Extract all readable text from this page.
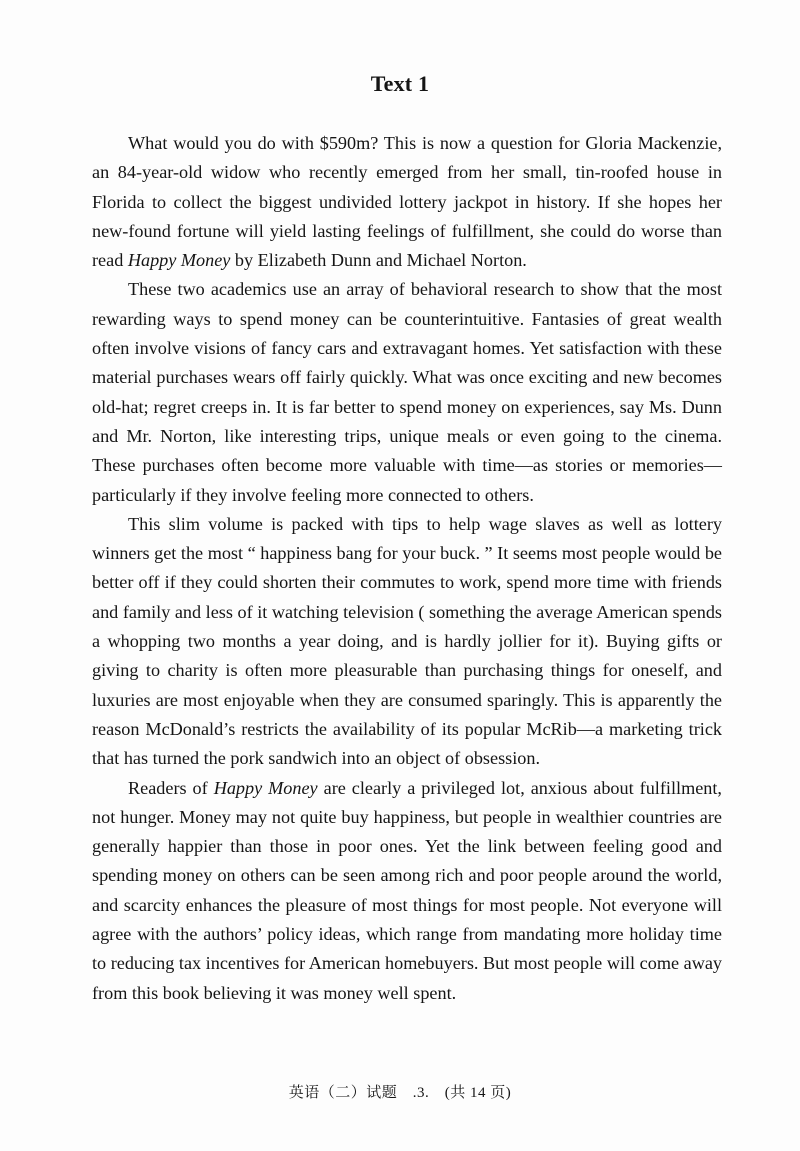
Text 1

What would you do with $590m? This is now a question for Gloria Mackenzie, an 84-year-old widow who recently emerged from her small, tin-roofed house in Florida to collect the biggest undivided lottery jackpot in history. If she hopes her new-found fortune will yield lasting feelings of fulfillment, she could do worse than read Happy Money by Elizabeth Dunn and Michael Norton.

These two academics use an array of behavioral research to show that the most rewarding ways to spend money can be counterintuitive. Fantasies of great wealth often involve visions of fancy cars and extravagant homes. Yet satisfaction with these material purchases wears off fairly quickly. What was once exciting and new becomes old-hat; regret creeps in. It is far better to spend money on experiences, say Ms. Dunn and Mr. Norton, like interesting trips, unique meals or even going to the cinema. These purchases often become more valuable with time—as stories or memories—particularly if they involve feeling more connected to others.

This slim volume is packed with tips to help wage slaves as well as lottery winners get the most “ happiness bang for your buck. ” It seems most people would be better off if they could shorten their commutes to work, spend more time with friends and family and less of it watching television ( something the average American spends a whopping two months a year doing, and is hardly jollier for it). Buying gifts or giving to charity is often more pleasurable than purchasing things for oneself, and luxuries are most enjoyable when they are consumed sparingly. This is apparently the reason McDonald’s restricts the availability of its popular McRib—a marketing trick that has turned the pork sandwich into an object of obsession.

Readers of Happy Money are clearly a privileged lot, anxious about fulfillment, not hunger. Money may not quite buy happiness, but people in wealthier countries are generally happier than those in poor ones. Yet the link between feeling good and spending money on others can be seen among rich and poor people around the world, and scarcity enhances the pleasure of most things for most people. Not everyone will agree with the authors’ policy ideas, which range from mandating more holiday time to reducing tax incentives for American homebuyers. But most people will come away from this book believing it was money well spent.

英语（二）试题　.3.　(共 14 页)
